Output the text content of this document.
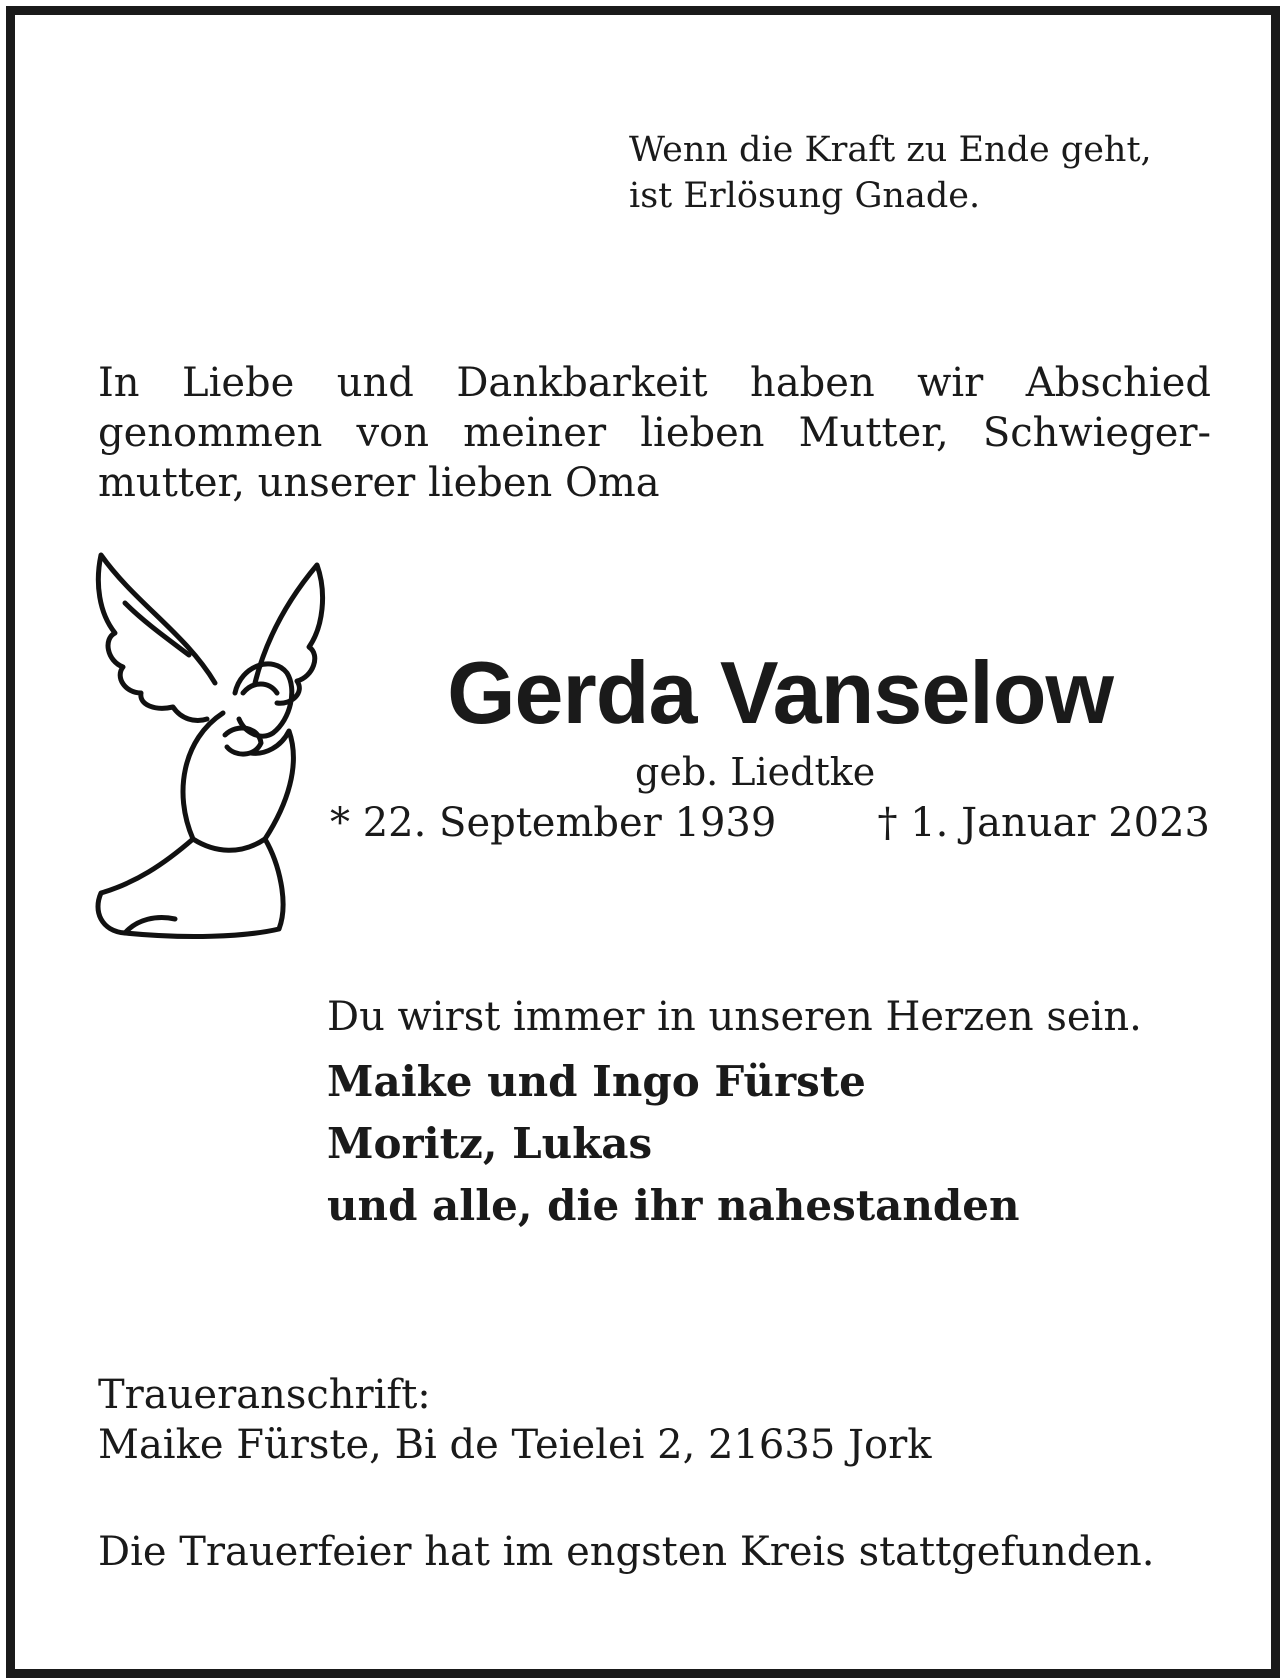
Wenn die Kraft zu Ende geht,
ist Erlösung Gnade.

In Liebe und Dankbarkeit haben wir Abschied
genommen von meiner lieben Mutter, Schwieger-
mutter, unserer lieben Oma

Gerda Vanselow

geb. Liedtke

* 22. September 1939	† 1. Januar 2023

Du wirst immer in unseren Herzen sein.

Maike und Ingo Fürste
Moritz, Lukas
und alle, die ihr nahestanden

Traueranschrift:
Maike Fürste, Bi de Teielei 2, 21635 Jork

Die Trauerfeier hat im engsten Kreis stattgefunden.
